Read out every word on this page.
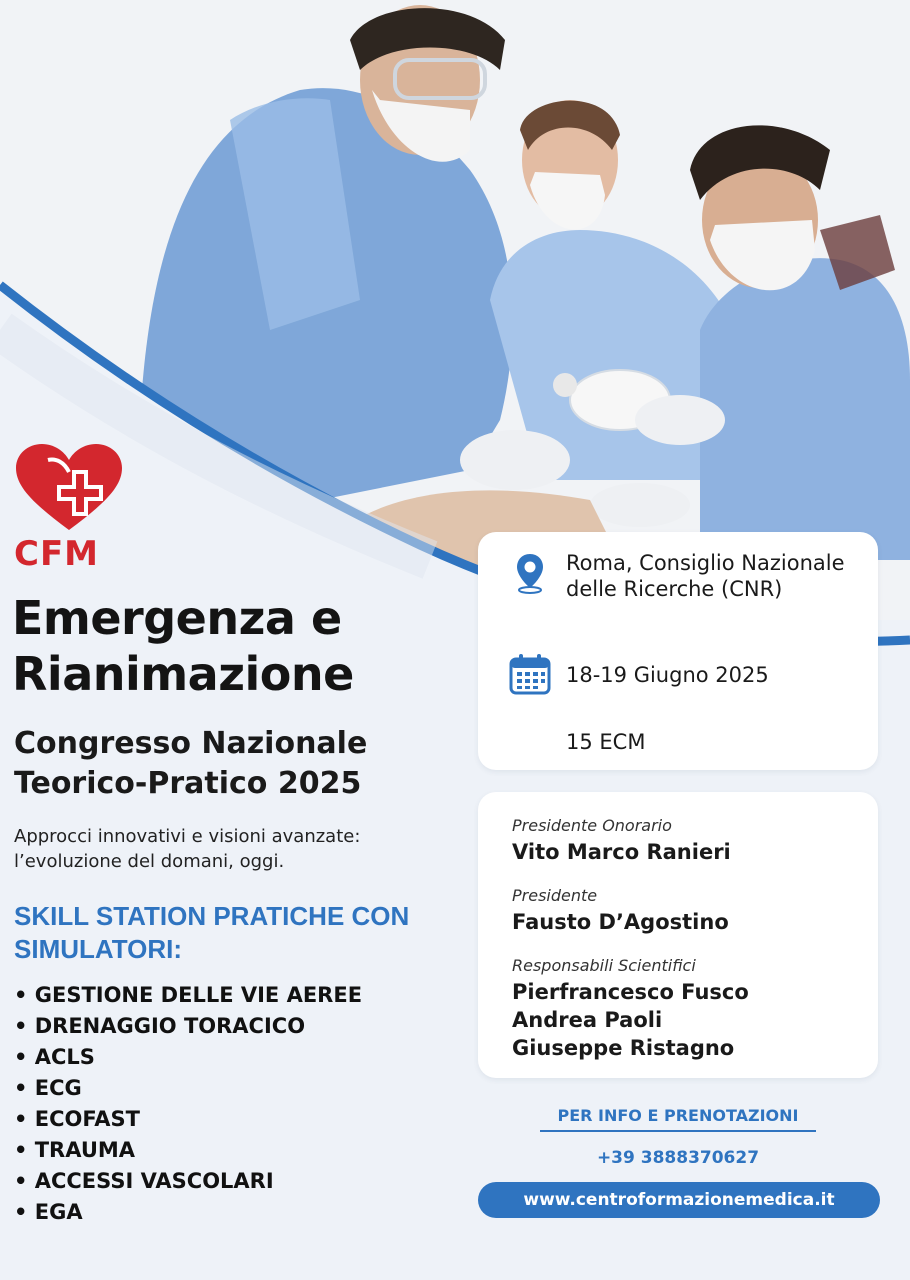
CFM
Emergenza e Rianimazione
Congresso Nazionale
Teorico-Pratico 2025
Approcci innovativi e visioni avanzate: l’evoluzione del domani, oggi.
SKILL STATION PRATICHE CON SIMULATORI:
• GESTIONE DELLE VIE AEREE
• DRENAGGIO TORACICO
• ACLS
• ECG
• ECOFAST
• TRAUMA
• ACCESSI VASCOLARI
• EGA
Roma, Consiglio Nazionale delle Ricerche (CNR)
18-19 Giugno 2025
15 ECM
Presidente Onorario
Vito Marco Ranieri
Presidente
Fausto D’Agostino
Responsabili Scientifici
Pierfrancesco Fusco
Andrea Paoli
Giuseppe Ristagno
PER INFO E PRENOTAZIONI
+39 3888370627
www.centroformazionemedica.it
